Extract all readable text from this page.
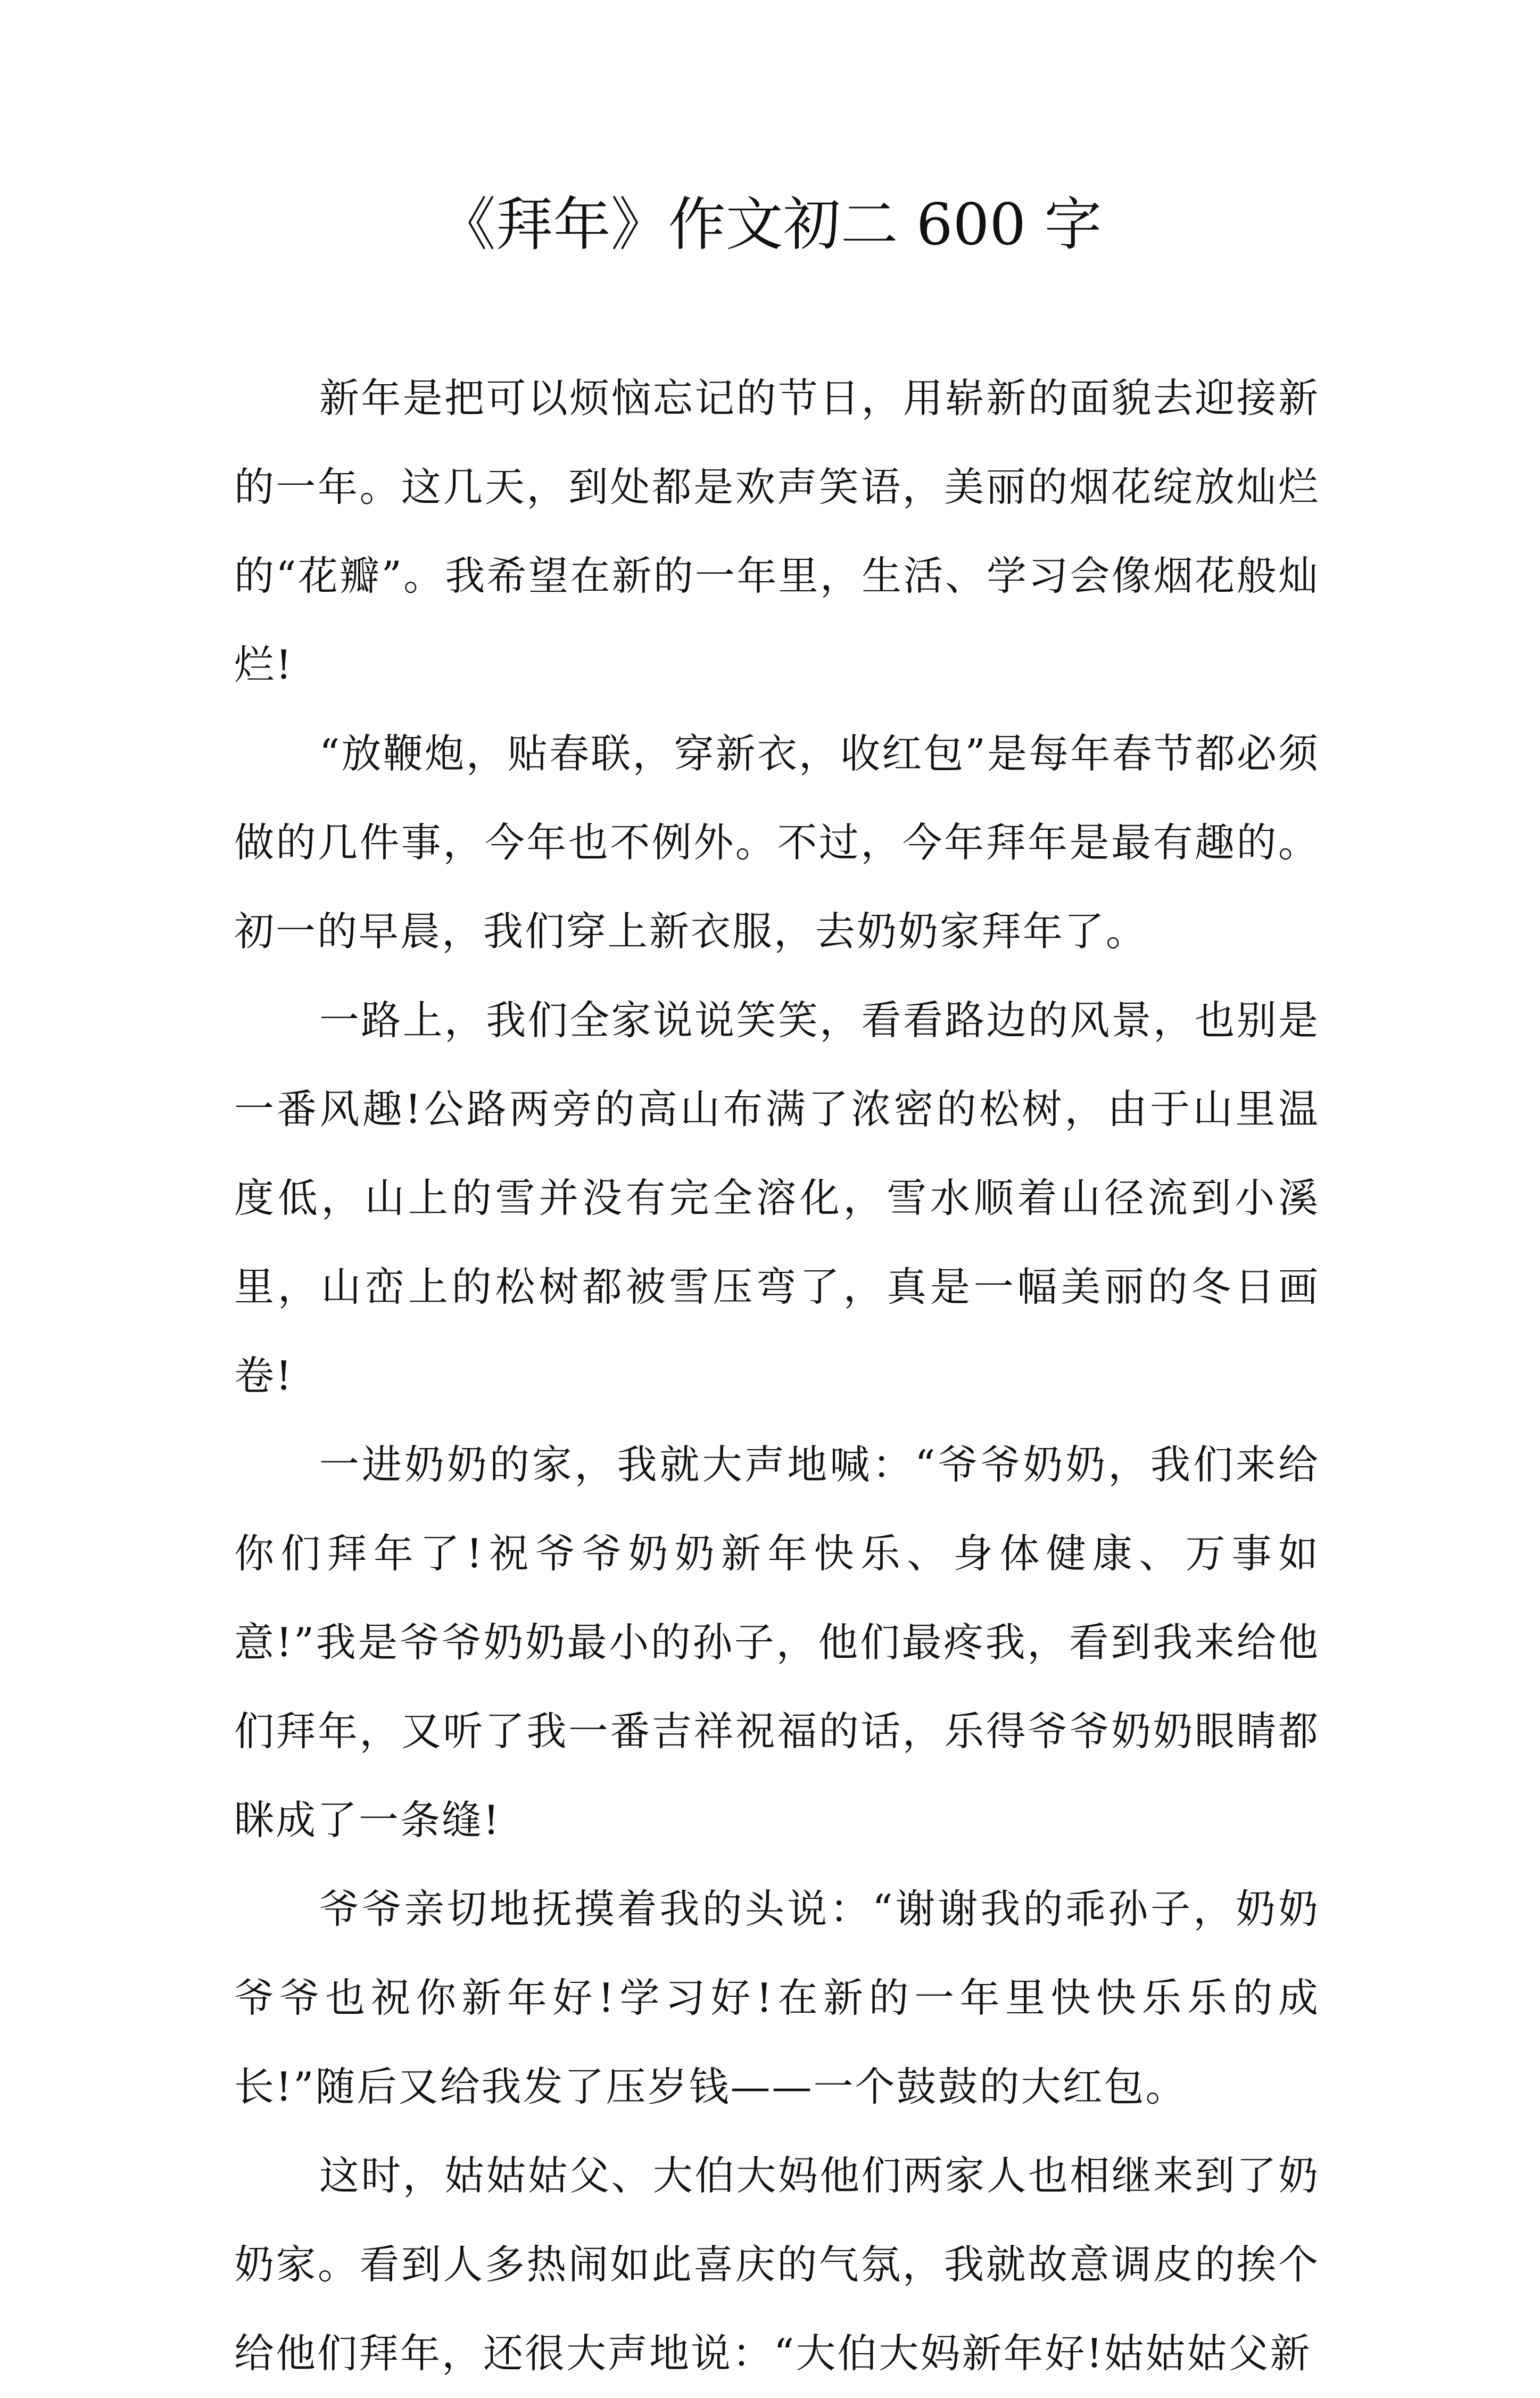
《拜年》作文初二 600 字

新年是把可以烦恼忘记的节日，用崭新的面貌去迎接新的一年。这几天，到处都是欢声笑语，美丽的烟花绽放灿烂的“花瓣”。我希望在新的一年里，生活、学习会像烟花般灿烂!

“放鞭炮，贴春联，穿新衣，收红包”是每年春节都必须做的几件事，今年也不例外。不过，今年拜年是最有趣的。初一的早晨，我们穿上新衣服，去奶奶家拜年了。

一路上，我们全家说说笑笑，看看路边的风景，也别是一番风趣!公路两旁的高山布满了浓密的松树，由于山里温度低，山上的雪并没有完全溶化，雪水顺着山径流到小溪里，山峦上的松树都被雪压弯了，真是一幅美丽的冬日画卷!

一进奶奶的家，我就大声地喊：“爷爷奶奶，我们来给你们拜年了!祝爷爷奶奶新年快乐、身体健康、万事如意!”我是爷爷奶奶最小的孙子，他们最疼我，看到我来给他们拜年，又听了我一番吉祥祝福的话，乐得爷爷奶奶眼睛都眯成了一条缝!

爷爷亲切地抚摸着我的头说：“谢谢我的乖孙子，奶奶爷爷也祝你新年好!学习好!在新的一年里快快乐乐的成长!”随后又给我发了压岁钱——一个鼓鼓的大红包。

这时，姑姑姑父、大伯大妈他们两家人也相继来到了奶奶家。看到人多热闹如此喜庆的气氛，我就故意调皮的挨个给他们拜年，还很大声地说：“大伯大妈新年好!姑姑姑父新
